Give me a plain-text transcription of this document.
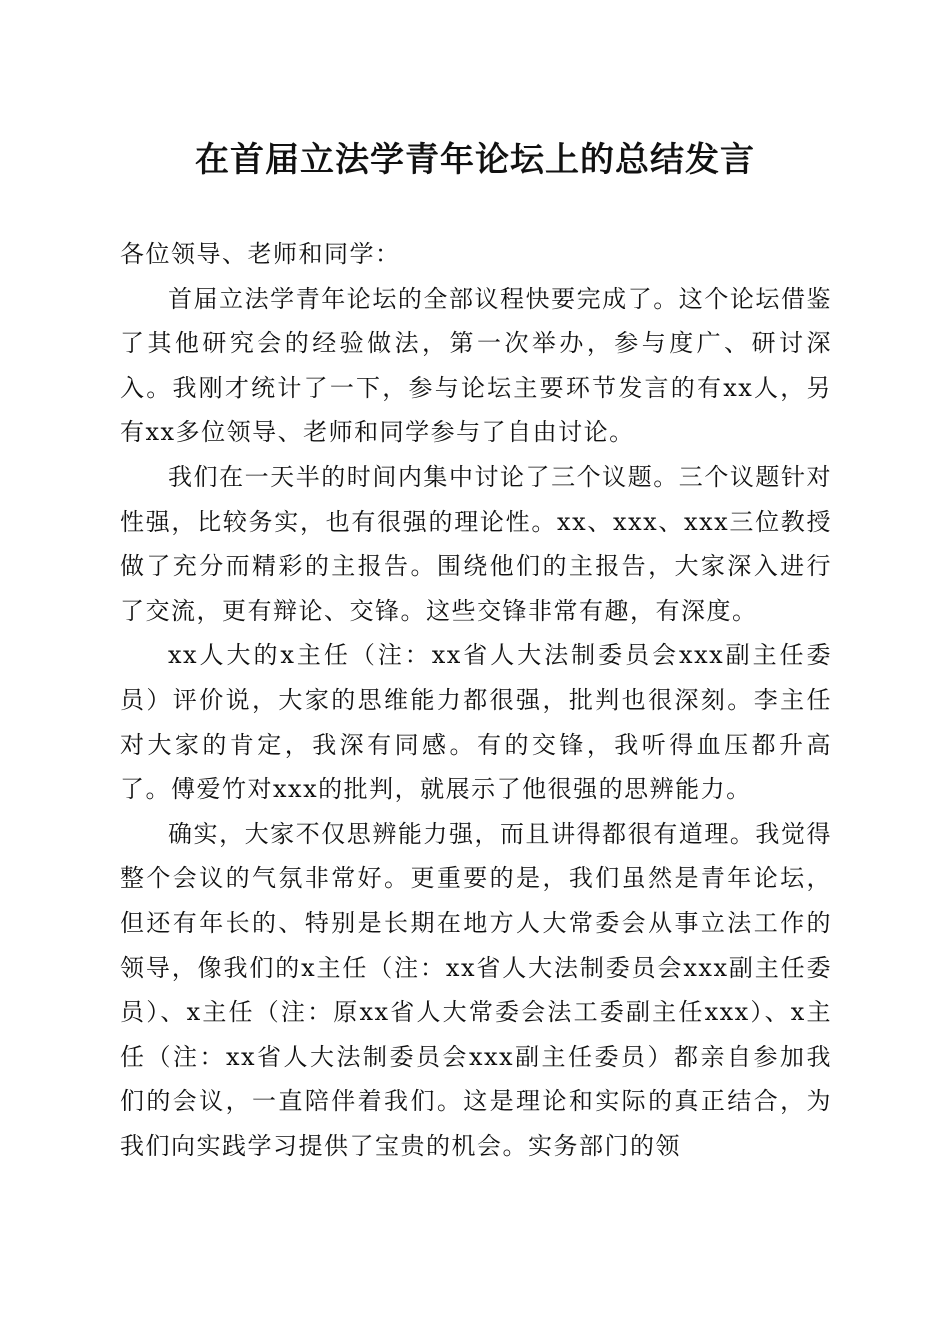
在首届立法学青年论坛上的总结发言

各位领导、老师和同学：

首届立法学青年论坛的全部议程快要完成了。这个论坛借鉴了其他研究会的经验做法，第一次举办，参与度广、研讨深入。我刚才统计了一下，参与论坛主要环节发言的有xx人，另有xx多位领导、老师和同学参与了自由讨论。

我们在一天半的时间内集中讨论了三个议题。三个议题针对性强，比较务实，也有很强的理论性。xx、xxx、xxx三位教授做了充分而精彩的主报告。围绕他们的主报告，大家深入进行了交流，更有辩论、交锋。这些交锋非常有趣，有深度。

xx人大的x主任（注：xx省人大法制委员会xxx副主任委员）评价说，大家的思维能力都很强，批判也很深刻。李主任对大家的肯定，我深有同感。有的交锋，我听得血压都升高了。傅爱竹对xxx的批判，就展示了他很强的思辨能力。

确实，大家不仅思辨能力强，而且讲得都很有道理。我觉得整个会议的气氛非常好。更重要的是，我们虽然是青年论坛，但还有年长的、特别是长期在地方人大常委会从事立法工作的领导，像我们的x主任（注：xx省人大法制委员会xxx副主任委员）、x主任（注：原xx省人大常委会法工委副主任xxx）、x主任（注：xx省人大法制委员会xxx副主任委员）都亲自参加我们的会议，一直陪伴着我们。这是理论和实际的真正结合，为我们向实践学习提供了宝贵的机会。实务部门的领
